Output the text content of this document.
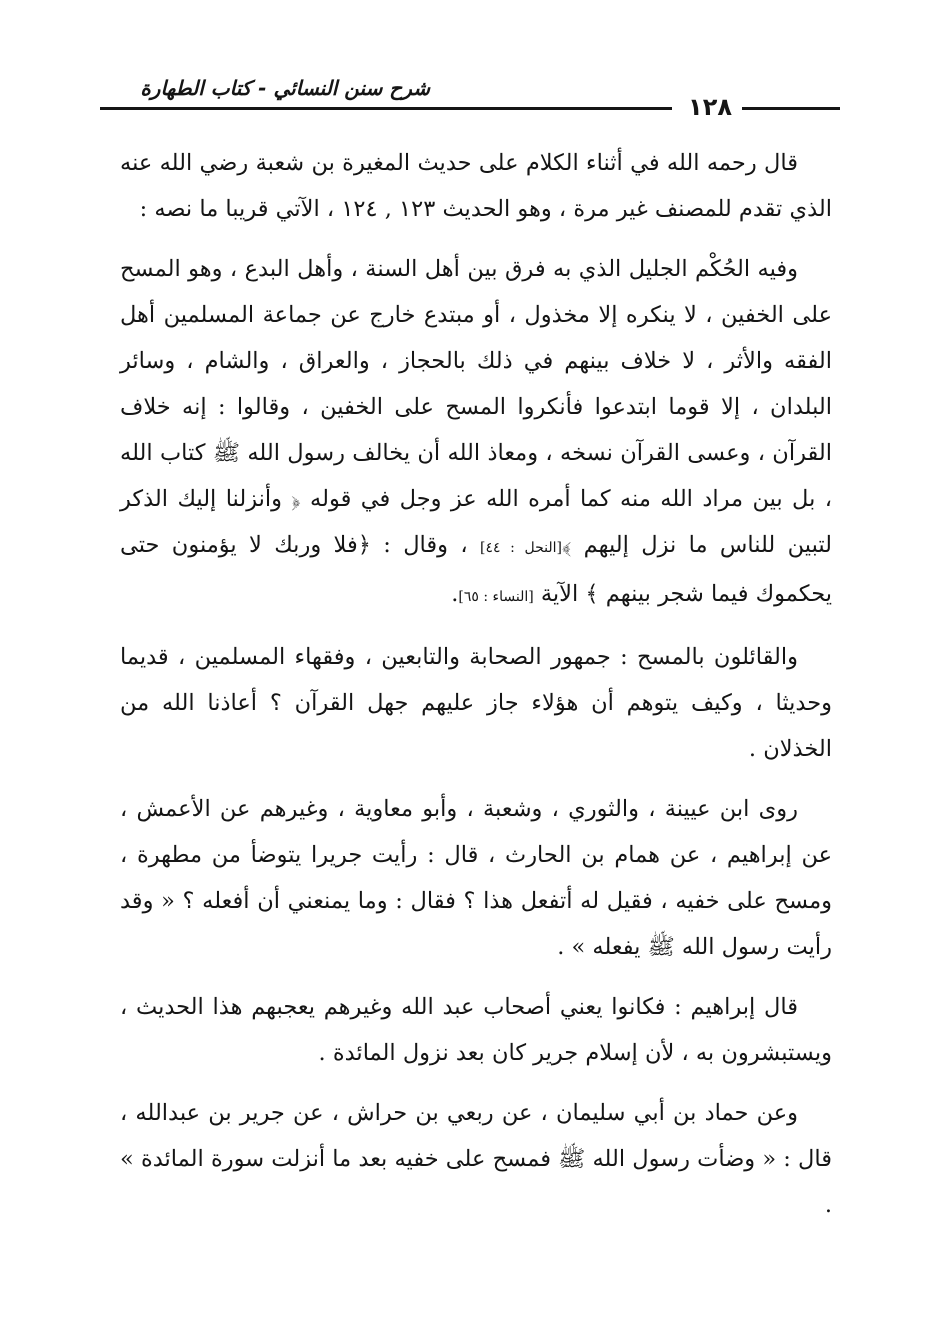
شرح سنن النسائي - كتاب الطهارة
١٢٨

قال رحمه الله في أثناء الكلام على حديث المغيرة بن شعبة رضي الله عنه الذي تقدم للمصنف غير مرة ، وهو الحديث ١٢٣ , ١٢٤ ، الآتي قريبا ما نصه :

وفيه الحُكْم الجليل الذي به فرق بين أهل السنة ، وأهل البدع ، وهو المسح على الخفين ، لا ينكره إلا مخذول ، أو مبتدع خارج عن جماعة المسلمين أهل الفقه والأثر ، لا خلاف بينهم في ذلك بالحجاز ، والعراق ، والشام ، وسائر البلدان ، إلا قوما ابتدعوا فأنكروا المسح على الخفين ، وقالوا : إنه خلاف القرآن ، وعسى القرآن نسخه ، ومعاذ الله أن يخالف رسول الله ﷺ كتاب الله ، بل بين مراد الله منه كما أمره الله عز وجل في قوله ﴿ وأنزلنا إليك الذكر لتبين للناس ما نزل إليهم ﴾[النحل : ٤٤] ، وقال : ﴿فلا وربك لا يؤمنون حتى يحكموك فيما شجر بينهم ﴾ الآية [النساء : ٦٥].

والقائلون بالمسح : جمهور الصحابة والتابعين ، وفقهاء المسلمين ، قديما وحديثا ، وكيف يتوهم أن هؤلاء جاز عليهم جهل القرآن ؟ أعاذنا الله من الخذلان .

روى ابن عيينة ، والثوري ، وشعبة ، وأبو معاوية ، وغيرهم عن الأعمش ، عن إبراهيم ، عن همام بن الحارث ، قال : رأيت جريرا يتوضأ من مطهرة ، ومسح على خفيه ، فقيل له أتفعل هذا ؟ فقال : وما يمنعني أن أفعله ؟ « وقد رأيت رسول الله ﷺ يفعله » .

قال إبراهيم : فكانوا يعني أصحاب عبد الله وغيرهم يعجبهم هذا الحديث ، ويستبشرون به ، لأن إسلام جرير كان بعد نزول المائدة .

وعن حماد بن أبي سليمان ، عن ربعي بن حراش ، عن جرير بن عبدالله ، قال : « وضأت رسول الله ﷺ فمسح على خفيه بعد ما أنزلت سورة المائدة » .
